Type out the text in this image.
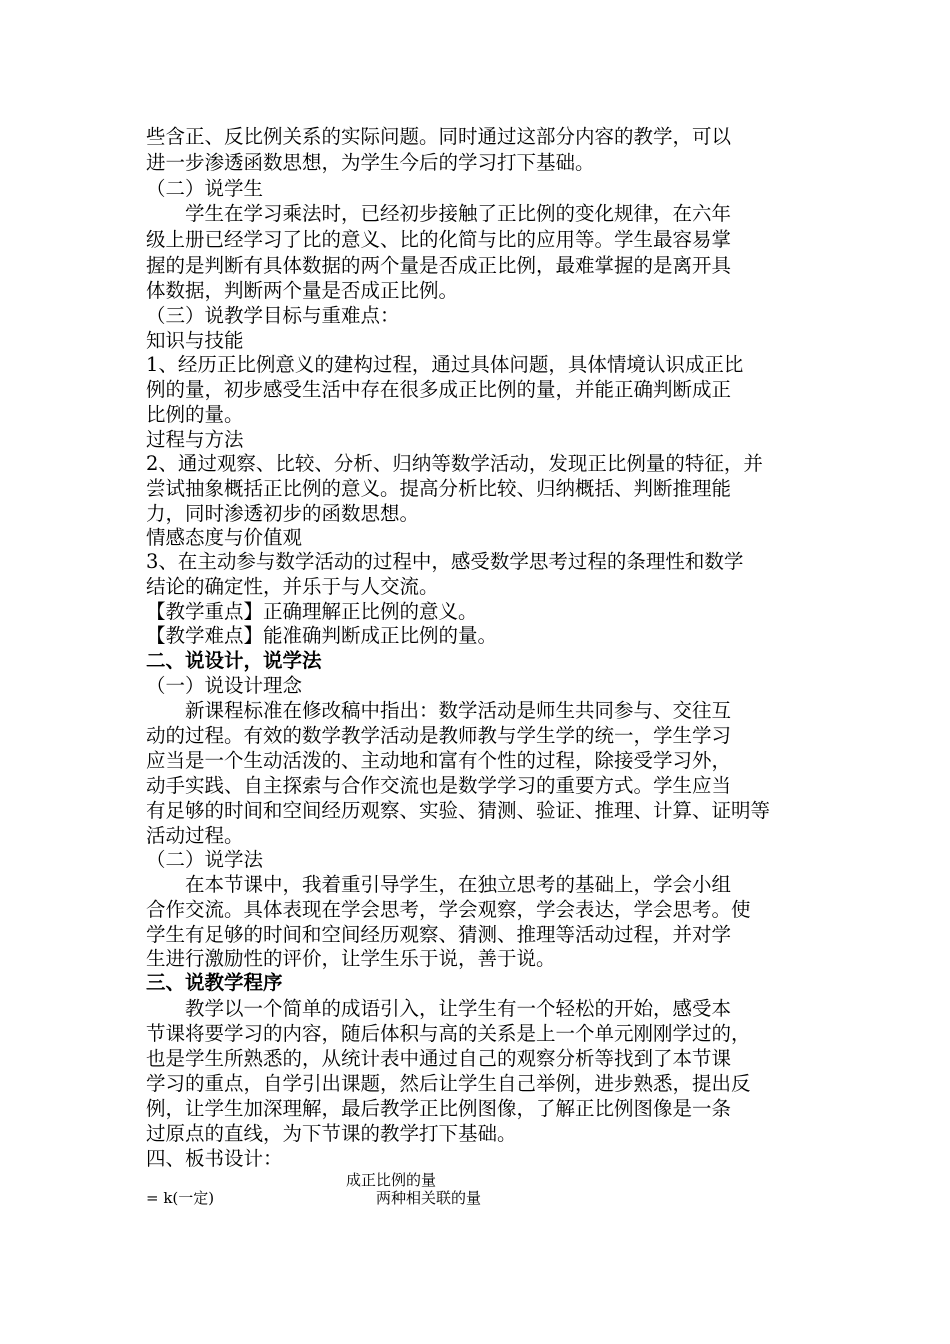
些含正、反比例关系的实际问题。同时通过这部分内容的教学，可以
进一步渗透函数思想，为学生今后的学习打下基础。
（二）说学生
　　学生在学习乘法时，已经初步接触了正比例的变化规律，在六年
级上册已经学习了比的意义、比的化简与比的应用等。学生最容易掌
握的是判断有具体数据的两个量是否成正比例，最难掌握的是离开具
体数据，判断两个量是否成正比例。
（三）说教学目标与重难点：
知识与技能
1、经历正比例意义的建构过程，通过具体问题，具体情境认识成正比
例的量，初步感受生活中存在很多成正比例的量，并能正确判断成正
比例的量。
过程与方法
2、通过观察、比较、分析、归纳等数学活动，发现正比例量的特征，并
尝试抽象概括正比例的意义。提高分析比较、归纳概括、判断推理能
力，同时渗透初步的函数思想。
情感态度与价值观
3、在主动参与数学活动的过程中，感受数学思考过程的条理性和数学
结论的确定性，并乐于与人交流。
【教学重点】正确理解正比例的意义。
【教学难点】能准确判断成正比例的量。
二、说设计，说学法
（一）说设计理念
　　新课程标准在修改稿中指出：数学活动是师生共同参与、交往互
动的过程。有效的数学教学活动是教师教与学生学的统一，学生学习
应当是一个生动活泼的、主动地和富有个性的过程，除接受学习外，
动手实践、自主探索与合作交流也是数学学习的重要方式。学生应当
有足够的时间和空间经历观察、实验、猜测、验证、推理、计算、证明等
活动过程。
（二）说学法
　　在本节课中，我着重引导学生，在独立思考的基础上，学会小组
合作交流。具体表现在学会思考，学会观察，学会表达，学会思考。使
学生有足够的时间和空间经历观察、猜测、推理等活动过程，并对学
生进行激励性的评价，让学生乐于说，善于说。
三、说教学程序
　　教学以一个简单的成语引入，让学生有一个轻松的开始，感受本
节课将要学习的内容，随后体积与高的关系是上一个单元刚刚学过的，
也是学生所熟悉的，从统计表中通过自己的观察分析等找到了本节课
学习的重点，自学引出课题，然后让学生自己举例，进步熟悉，提出反
例，让学生加深理解，最后教学正比例图像，了解正比例图像是一条
过原点的直线，为下节课的教学打下基础。
四、板书设计：
成正比例的量
= k(一定)	两种相关联的量
